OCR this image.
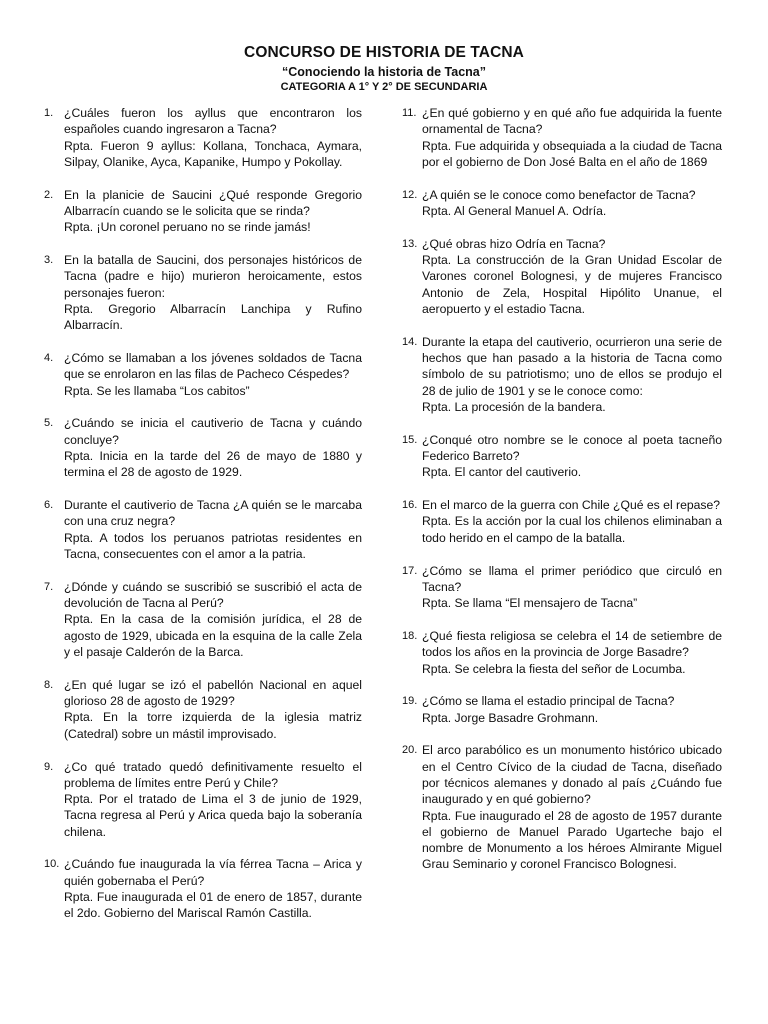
CONCURSO DE HISTORIA DE TACNA

“Conociendo la historia de Tacna”

CATEGORIA A 1° Y 2° DE SECUNDARIA

1. ¿Cuáles fueron los ayllus que encontraron los españoles cuando ingresaron a Tacna?
Rpta. Fueron 9 ayllus: Kollana, Tonchaca, Aymara, Silpay, Olanike, Ayca, Kapanike, Humpo y Pokollay.
2. En la planicie de Saucini ¿Qué responde Gregorio Albarracín cuando se le solicita que se rinda?
Rpta. ¡Un coronel peruano no se rinde jamás!
3. En la batalla de Saucini, dos personajes históricos de Tacna (padre e hijo) murieron heroicamente, estos personajes fueron:
Rpta. Gregorio Albarracín Lanchipa y Rufino Albarracín.
4. ¿Cómo se llamaban a los jóvenes soldados de Tacna que se enrolaron en las filas de Pacheco Céspedes?
Rpta. Se les llamaba “Los cabitos”
5. ¿Cuándo se inicia el cautiverio de Tacna y cuándo concluye?
Rpta. Inicia en la tarde del 26 de mayo de 1880 y termina el 28 de agosto de 1929.
6. Durante el cautiverio de Tacna ¿A quién se le marcaba con una cruz negra?
Rpta. A todos los peruanos patriotas residentes en Tacna, consecuentes con el amor a la patria.
7. ¿Dónde y cuándo se suscribió se suscribió el acta de devolución de Tacna al Perú?
Rpta. En la casa de la comisión jurídica, el 28 de agosto de 1929, ubicada en la esquina de la calle Zela y el pasaje Calderón de la Barca.
8. ¿En qué lugar se izó el pabellón Nacional en aquel glorioso 28 de agosto de 1929?
Rpta. En la torre izquierda de la iglesia matriz (Catedral) sobre un mástil improvisado.
9. ¿Co qué tratado quedó definitivamente resuelto el problema de límites entre Perú y Chile?
Rpta. Por el tratado de Lima el 3 de junio de 1929, Tacna regresa al Perú y Arica queda bajo la soberanía chilena.
10. ¿Cuándo fue inaugurada la vía férrea Tacna – Arica y quién gobernaba el Perú?
Rpta. Fue inaugurada el 01 de enero de 1857, durante el 2do. Gobierno del Mariscal Ramón Castilla.
11. ¿En qué gobierno y en qué año fue adquirida la fuente ornamental de Tacna?
Rpta. Fue adquirida y obsequiada a la ciudad de Tacna por el gobierno de Don José Balta en el año de 1869
12. ¿A quién se le conoce como benefactor de Tacna?
Rpta. Al General Manuel A. Odría.
13. ¿Qué obras hizo Odría en Tacna?
Rpta. La construcción de la Gran Unidad Escolar de Varones coronel Bolognesi, y de mujeres Francisco Antonio de Zela, Hospital Hipólito Unanue, el aeropuerto y el estadio Tacna.
14. Durante la etapa del cautiverio, ocurrieron una serie de hechos que han pasado a la historia de Tacna como símbolo de su patriotismo; uno de ellos se produjo el 28 de julio de 1901 y se le conoce como:
Rpta. La procesión de la bandera.
15. ¿Conqué otro nombre se le conoce al poeta tacneño Federico Barreto?
Rpta. El cantor del cautiverio.
16. En el marco de la guerra con Chile ¿Qué es el repase?
Rpta. Es la acción por la cual los chilenos eliminaban a todo herido en el campo de la batalla.
17. ¿Cómo se llama el primer periódico que circuló en Tacna?
Rpta. Se llama “El mensajero de Tacna”
18. ¿Qué fiesta religiosa se celebra el 14 de setiembre de todos los años en la provincia de Jorge Basadre?
Rpta. Se celebra la fiesta del señor de Locumba.
19. ¿Cómo se llama el estadio principal de Tacna?
Rpta. Jorge Basadre Grohmann.
20. El arco parabólico es un monumento histórico ubicado en el Centro Cívico de la ciudad de Tacna, diseñado por técnicos alemanes y donado al país ¿Cuándo fue inaugurado y en qué gobierno?
Rpta. Fue inaugurado el 28 de agosto de 1957 durante el gobierno de Manuel Parado Ugarteche bajo el nombre de Monumento a los héroes Almirante Miguel Grau Seminario y coronel Francisco Bolognesi.
